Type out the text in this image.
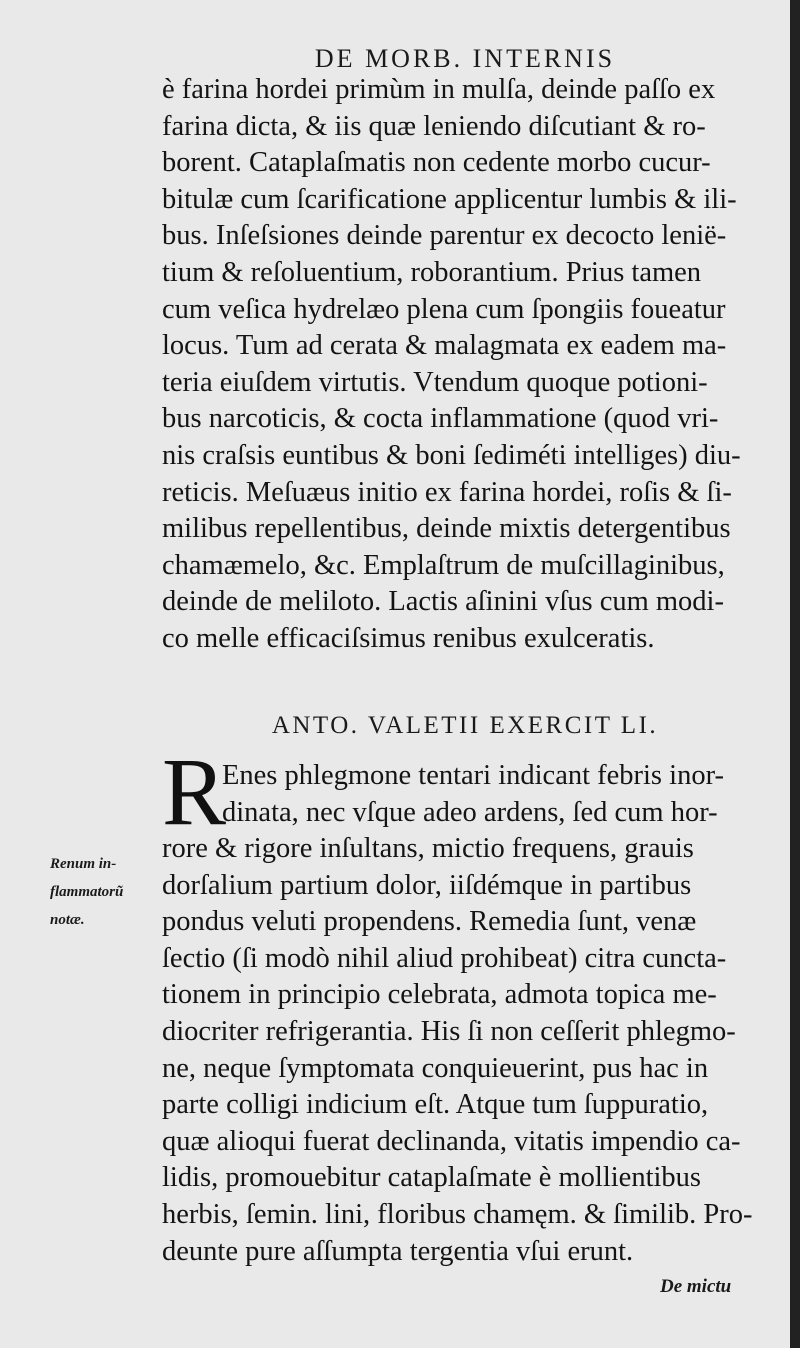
DE MORB. INTERNIS
è farina hordei primùm in mulſa, deinde paſſo ex
farina dicta, & iis quæ leniendo diſcutiant & ro-
borent. Cataplaſmatis non cedente morbo cucur-
bitulæ cum ſcarificatione applicentur lumbis & ili-
bus. Inſeſsiones deinde parentur ex decocto lenië-
tium & reſoluentium, roborantium. Prius tamen
cum veſica hydrelæo plena cum ſpongiis foueatur
locus. Tum ad cerata & malagmata ex eadem ma-
teria eiuſdem virtutis. Vtendum quoque potioni-
bus narcoticis, & cocta inflammatione (quod vri-
nis craſsis euntibus & boni ſediméti intelliges) diu-
reticis. Meſuæus initio ex farina hordei, roſis & ſi-
milibus repellentibus, deinde mixtis detergentibus
chamæmelo, &c. Emplaſtrum de muſcillaginibus,
deinde de meliloto. Lactis aſinini vſus cum modi-
co melle efficaciſsimus renibus exulceratis.
ANTO. VALETII EXERCIT LI.
R
Enes phlegmone tentari indicant febris inor-
dinata, nec vſque adeo ardens, ſed cum hor-
rore & rigore inſultans, mictio frequens, grauis
dorſalium partium dolor, iiſdémque in partibus
pondus veluti propendens. Remedia ſunt, venæ
ſectio (ſi modò nihil aliud prohibeat) citra cuncta-
tionem in principio celebrata, admota topica me-
diocriter refrigerantia. His ſi non ceſſerit phlegmo-
ne, neque ſymptomata conquieuerint, pus hac in
parte colligi indicium eſt. Atque tum ſuppuratio,
quæ alioqui fuerat declinanda, vitatis impendio ca-
lidis, promouebitur cataplaſmate è mollientibus
herbis, ſemin. lini, floribus chamęm. & ſimilib. Pro-
deunte pure aſſumpta tergentia vſui erunt.
Renum in-
flammatorũ
notæ.
De mictu
